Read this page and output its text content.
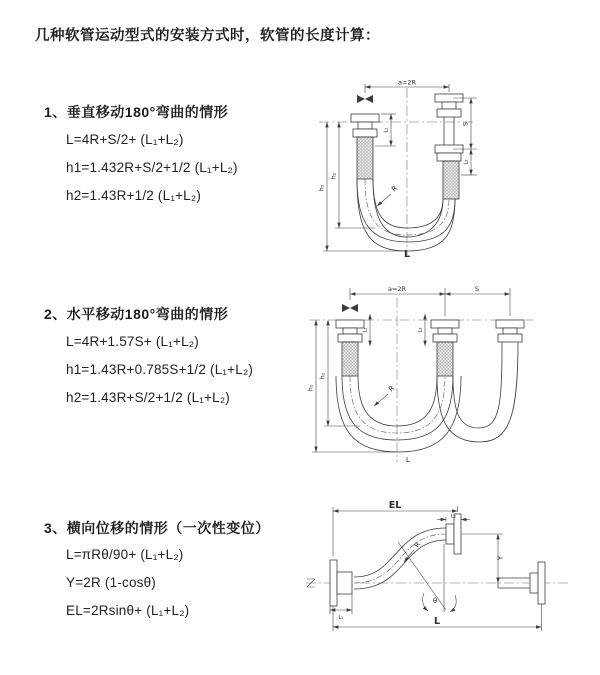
几种软管运动型式的安装方式时，软管的长度计算：
1、垂直移动180°弯曲的情形
L=4R+S/2+ (L₁+L₂)
h1=1.432R+S/2+1/2 (L₁+L₂)
h2=1.43R+1/2 (L₁+L₂)
2、水平移动180°弯曲的情形
L=4R+1.57S+ (L₁+L₂)
h1=1.43R+0.785S+1/2 (L₁+L₂)
h2=1.43R+S/2+1/2 (L₁+L₂)
3、横向位移的情形（一次性变位）
L=πRθ/90+ (L₁+L₂)
Y=2R (1-cosθ)
EL=2Rsinθ+ (L₁+L₂)
a=2R
h₁
h₂
L₁
S
L₂
R
L
a=2R	S
h₁
h₂
L₁	L₂
R
L
θ
R
EL
L₂
Y
L₁	L
